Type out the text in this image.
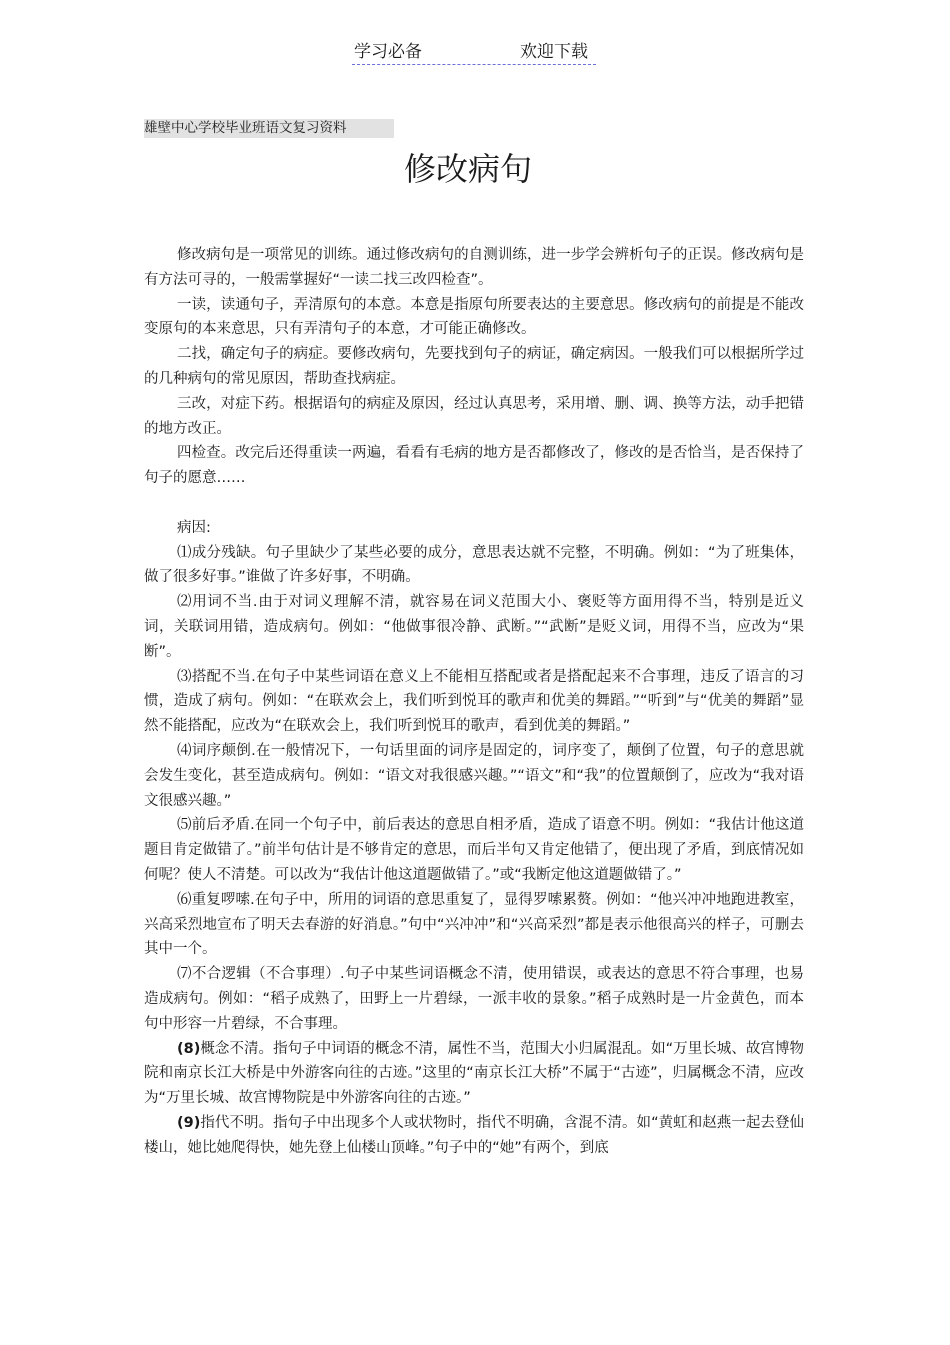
学习必备	欢迎下载
雄壁中心学校毕业班语文复习资料
修改病句

修改病句是一项常见的训练。通过修改病句的自测训练，进一步学会辨析句子的正误。修改病句是有方法可寻的，一般需掌握好“一读二找三改四检查”。

一读，读通句子，弄清原句的本意。本意是指原句所要表达的主要意思。修改病句的前提是不能改变原句的本来意思，只有弄清句子的本意，才可能正确修改。

二找，确定句子的病症。要修改病句，先要找到句子的病证，确定病因。一般我们可以根据所学过的几种病句的常见原因，帮助查找病症。

三改，对症下药。根据语句的病症及原因，经过认真思考，采用增、删、调、换等方法，动手把错的地方改正。

四检查。改完后还得重读一两遍，看看有毛病的地方是否都修改了，修改的是否恰当，是否保持了句子的愿意……

病因:

⑴成分残缺。句子里缺少了某些必要的成分，意思表达就不完整，不明确。例如：“为了班集体，做了很多好事。”谁做了许多好事，不明确。

⑵用词不当.由于对词义理解不清，就容易在词义范围大小、褒贬等方面用得不当，特别是近义词，关联词用错，造成病句。例如：“他做事很冷静、武断。”“武断”是贬义词，用得不当，应改为“果断”。

⑶搭配不当.在句子中某些词语在意义上不能相互搭配或者是搭配起来不合事理，违反了语言的习惯，造成了病句。例如：“在联欢会上，我们听到悦耳的歌声和优美的舞蹈。”“听到”与“优美的舞蹈”显然不能搭配，应改为“在联欢会上，我们听到悦耳的歌声，看到优美的舞蹈。”

⑷词序颠倒.在一般情况下，一句话里面的词序是固定的，词序变了，颠倒了位置，句子的意思就会发生变化，甚至造成病句。例如：“语文对我很感兴趣。”“语文”和“我”的位置颠倒了，应改为“我对语文很感兴趣。”

⑸前后矛盾.在同一个句子中，前后表达的意思自相矛盾，造成了语意不明。例如：“我估计他这道题目肯定做错了。”前半句估计是不够肯定的意思，而后半句又肯定他错了，便出现了矛盾，到底情况如何呢？使人不清楚。可以改为“我估计他这道题做错了。”或“我断定他这道题做错了。”

⑹重复啰嗦.在句子中，所用的词语的意思重复了，显得罗嗦累赘。例如：“他兴冲冲地跑进教室，兴高采烈地宣布了明天去春游的好消息。”句中“兴冲冲”和“兴高采烈”都是表示他很高兴的样子，可删去其中一个。

⑺不合逻辑（不合事理）.句子中某些词语概念不清，使用错误，或表达的意思不符合事理，也易造成病句。例如：“稻子成熟了，田野上一片碧绿，一派丰收的景象。”稻子成熟时是一片金黄色，而本句中形容一片碧绿，不合事理。

(8)概念不清。指句子中词语的概念不清，属性不当，范围大小归属混乱。如“万里长城、故宫博物院和南京长江大桥是中外游客向往的古迹。”这里的“南京长江大桥”不属于“古迹”，归属概念不清，应改为“万里长城、故宫博物院是中外游客向往的古迹。”

(9)指代不明。指句子中出现多个人或状物时，指代不明确，含混不清。如“黄虹和赵燕一起去登仙楼山，她比她爬得快，她先登上仙楼山顶峰。”句子中的“她”有两个，到底
